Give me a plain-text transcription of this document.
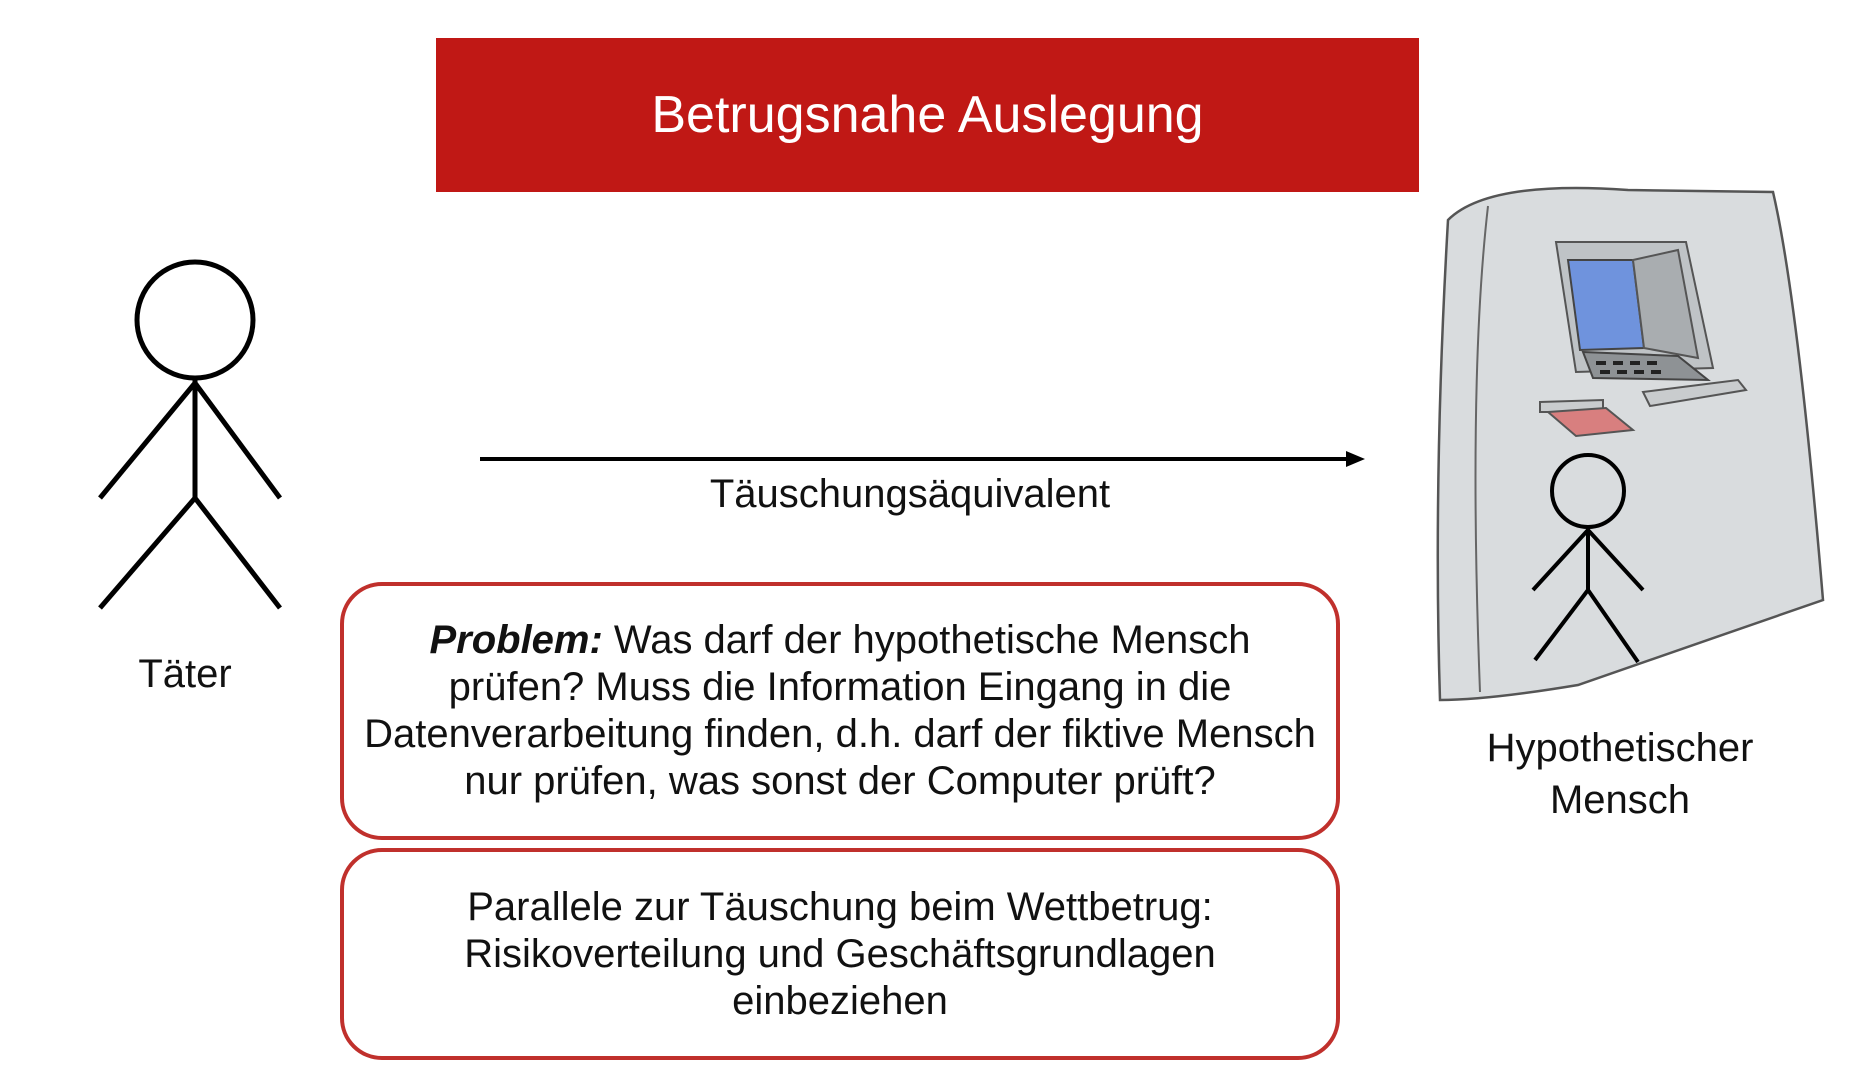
Betrugsnahe Auslegung
Täter
Täuschungsäquivalent
Problem: Was darf der hypothetische Mensch prüfen? Muss die Information Eingang in die Datenverarbeitung finden, d.h. darf der fiktive Mensch nur prüfen, was sonst der Computer prüft?
Parallele zur Täuschung beim Wettbetrug: Risikoverteilung und Geschäftsgrundlagen einbeziehen
Hypothetischer
Mensch
